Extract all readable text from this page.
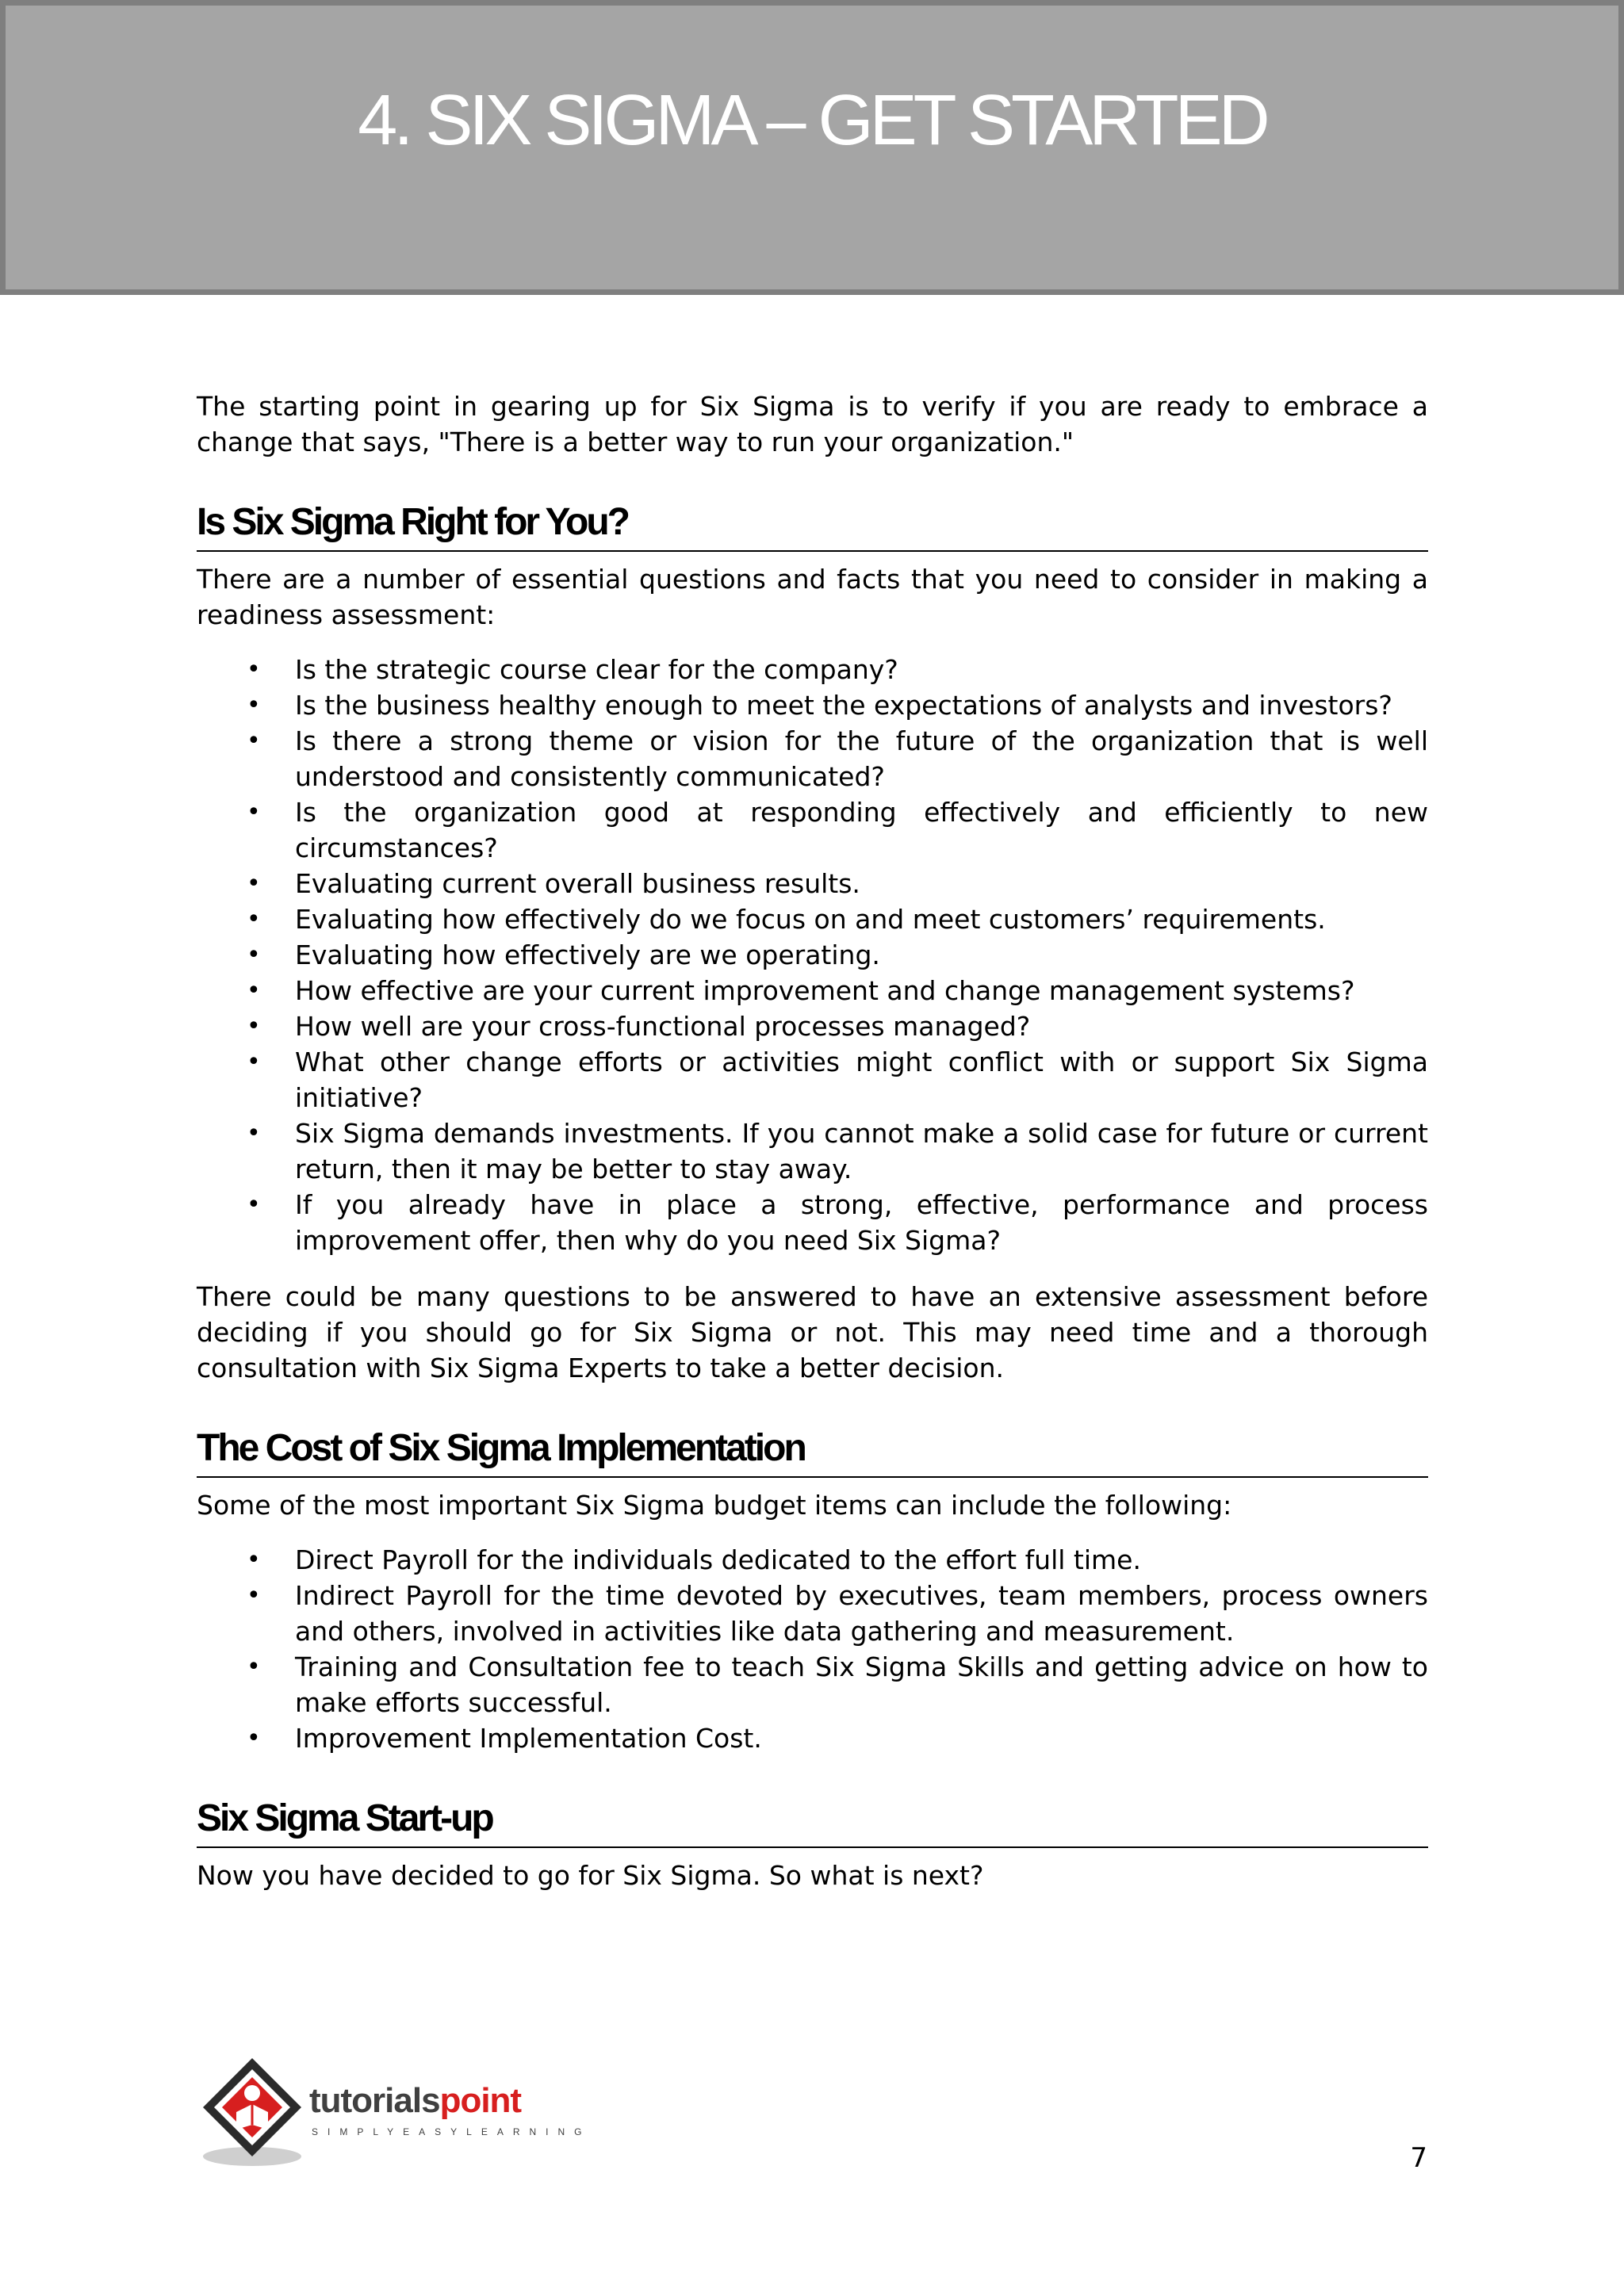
4. SIX SIGMA – GET STARTED

The starting point in gearing up for Six Sigma is to verify if you are ready to embrace a change that says, "There is a better way to run your organization."

Is Six Sigma Right for You?

There are a number of essential questions and facts that you need to consider in making a readiness assessment:

• Is the strategic course clear for the company?
• Is the business healthy enough to meet the expectations of analysts and investors?
• Is there a strong theme or vision for the future of the organization that is well understood and consistently communicated?
• Is the organization good at responding effectively and efficiently to new circumstances?
• Evaluating current overall business results.
• Evaluating how effectively do we focus on and meet customers’ requirements.
• Evaluating how effectively are we operating.
• How effective are your current improvement and change management systems?
• How well are your cross-functional processes managed?
• What other change efforts or activities might conflict with or support Six Sigma initiative?
• Six Sigma demands investments. If you cannot make a solid case for future or current return, then it may be better to stay away.
• If you already have in place a strong, effective, performance and process improvement offer, then why do you need Six Sigma?

There could be many questions to be answered to have an extensive assessment before deciding if you should go for Six Sigma or not. This may need time and a thorough consultation with Six Sigma Experts to take a better decision.

The Cost of Six Sigma Implementation

Some of the most important Six Sigma budget items can include the following:

• Direct Payroll for the individuals dedicated to the effort full time.
• Indirect Payroll for the time devoted by executives, team members, process owners and others, involved in activities like data gathering and measurement.
• Training and Consultation fee to teach Six Sigma Skills and getting advice on how to make efforts successful.
• Improvement Implementation Cost.
Six Sigma Start-up

Now you have decided to go for Six Sigma. So what is next?

tutorialspoint
SIMPLYEASYLEARNING
7
